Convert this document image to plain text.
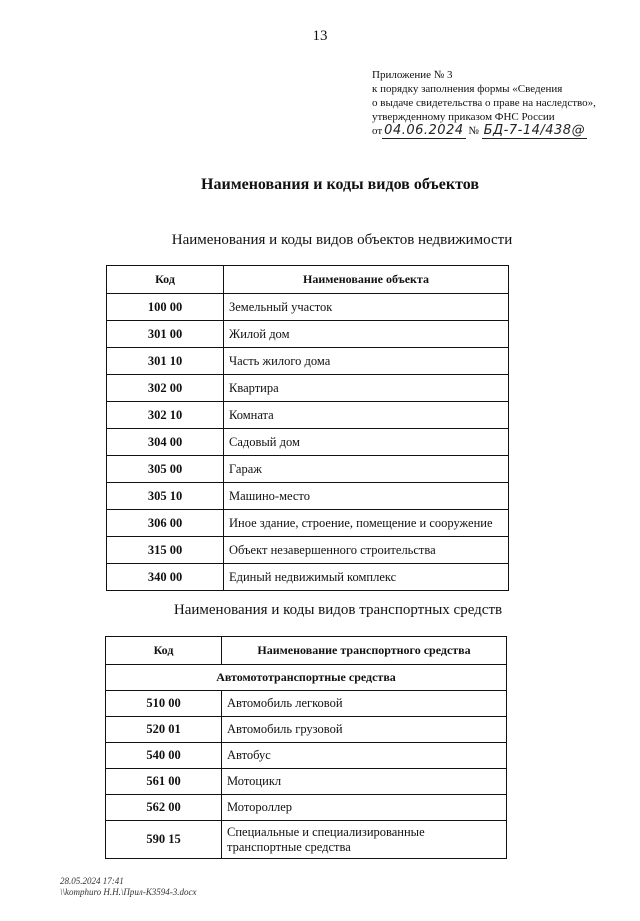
13
Приложение № 3
к порядку заполнения формы «Сведения
о выдаче свидетельства о праве на наследство»,
утвержденному приказом ФНС России
от 04.06.2024 № БД-7-14/438@
Наименования и коды видов объектов
Наименования и коды видов объектов недвижимости
Код	Наименование объекта
100 00	Земельный участок
301 00	Жилой дом
301 10	Часть жилого дома
302 00	Квартира
302 10	Комната
304 00	Садовый дом
305 00	Гараж
305 10	Машино-место
306 00	Иное здание, строение, помещение и сооружение
315 00	Объект незавершенного строительства
340 00	Единый недвижимый комплекс
Наименования и коды видов транспортных средств
Код	Наименование транспортного средства
Автомототранспортные средства	
510 00	Автомобиль легковой
520 01	Автомобиль грузовой
540 00	Автобус
561 00	Мотоцикл
562 00	Мотороллер
590 15	Специальные и специализированные транспортные средства
28.05.2024 17:41
\\komphuro Н.Н.\Прил-К3594-3.docx
